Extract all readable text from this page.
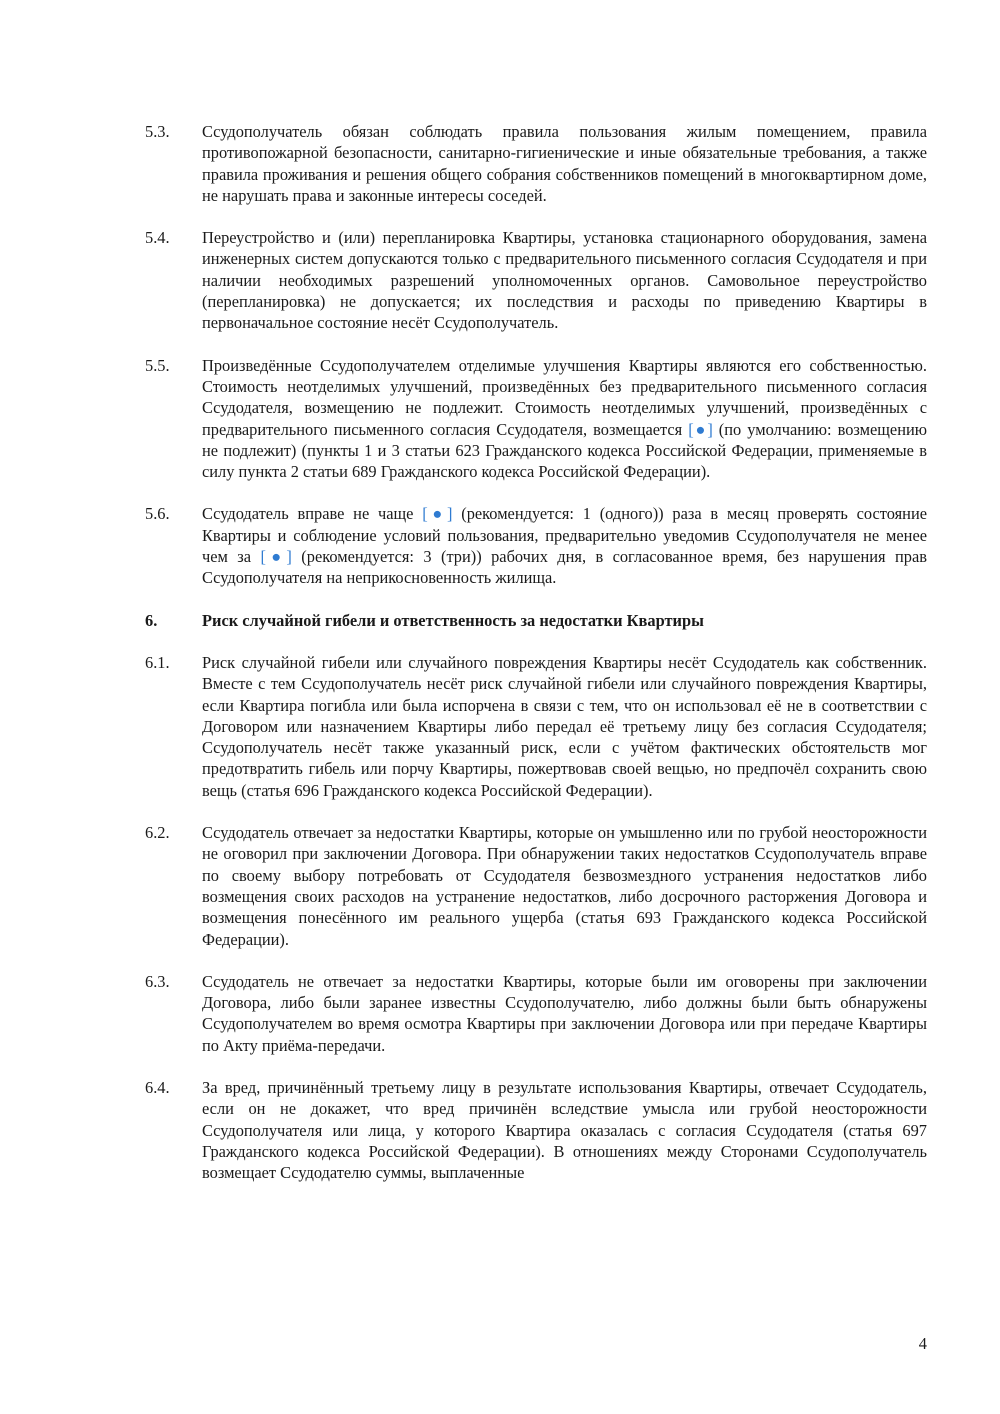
5.3.	Ссудополучатель обязан соблюдать правила пользования жилым помещением, правила противопожарной безопасности, санитарно-гигиенические и иные обязательные требования, а также правила проживания и решения общего собрания собственников помещений в многоквартирном доме, не нарушать права и законные интересы соседей.
5.4.	Переустройство и (или) перепланировка Квартиры, установка стационарного оборудования, замена инженерных систем допускаются только с предварительного письменного согласия Ссудодателя и при наличии необходимых разрешений уполномоченных органов. Самовольное переустройство (перепланировка) не допускается; их последствия и расходы по приведению Квартиры в первоначальное состояние несёт Ссудополучатель.
5.5.	Произведённые Ссудополучателем отделимые улучшения Квартиры являются его собственностью. Стоимость неотделимых улучшений, произведённых без предварительного письменного согласия Ссудодателя, возмещению не подлежит. Стоимость неотделимых улучшений, произведённых с предварительного письменного согласия Ссудодателя, возмещается [●] (по умолчанию: возмещению не подлежит) (пункты 1 и 3 статьи 623 Гражданского кодекса Российской Федерации, применяемые в силу пункта 2 статьи 689 Гражданского кодекса Российской Федерации).
5.6.	Ссудодатель вправе не чаще [●] (рекомендуется: 1 (одного)) раза в месяц проверять состояние Квартиры и соблюдение условий пользования, предварительно уведомив Ссудополучателя не менее чем за [●] (рекомендуется: 3 (три)) рабочих дня, в согласованное время, без нарушения прав Ссудополучателя на неприкосновенность жилища.
6.	Риск случайной гибели и ответственность за недостатки Квартиры
6.1.	Риск случайной гибели или случайного повреждения Квартиры несёт Ссудодатель как собственник. Вместе с тем Ссудополучатель несёт риск случайной гибели или случайного повреждения Квартиры, если Квартира погибла или была испорчена в связи с тем, что он использовал её не в соответствии с Договором или назначением Квартиры либо передал её третьему лицу без согласия Ссудодателя; Ссудополучатель несёт также указанный риск, если с учётом фактических обстоятельств мог предотвратить гибель или порчу Квартиры, пожертвовав своей вещью, но предпочёл сохранить свою вещь (статья 696 Гражданского кодекса Российской Федерации).
6.2.	Ссудодатель отвечает за недостатки Квартиры, которые он умышленно или по грубой неосторожности не оговорил при заключении Договора. При обнаружении таких недостатков Ссудополучатель вправе по своему выбору потребовать от Ссудодателя безвозмездного устранения недостатков либо возмещения своих расходов на устранение недостатков, либо досрочного расторжения Договора и возмещения понесённого им реального ущерба (статья 693 Гражданского кодекса Российской Федерации).
6.3.	Ссудодатель не отвечает за недостатки Квартиры, которые были им оговорены при заключении Договора, либо были заранее известны Ссудополучателю, либо должны были быть обнаружены Ссудополучателем во время осмотра Квартиры при заключении Договора или при передаче Квартиры по Акту приёма-передачи.
6.4.	За вред, причинённый третьему лицу в результате использования Квартиры, отвечает Ссудодатель, если он не докажет, что вред причинён вследствие умысла или грубой неосторожности Ссудополучателя или лица, у которого Квартира оказалась с согласия Ссудодателя (статья 697 Гражданского кодекса Российской Федерации). В отношениях между Сторонами Ссудополучатель возмещает Ссудодателю суммы, выплаченные
4
